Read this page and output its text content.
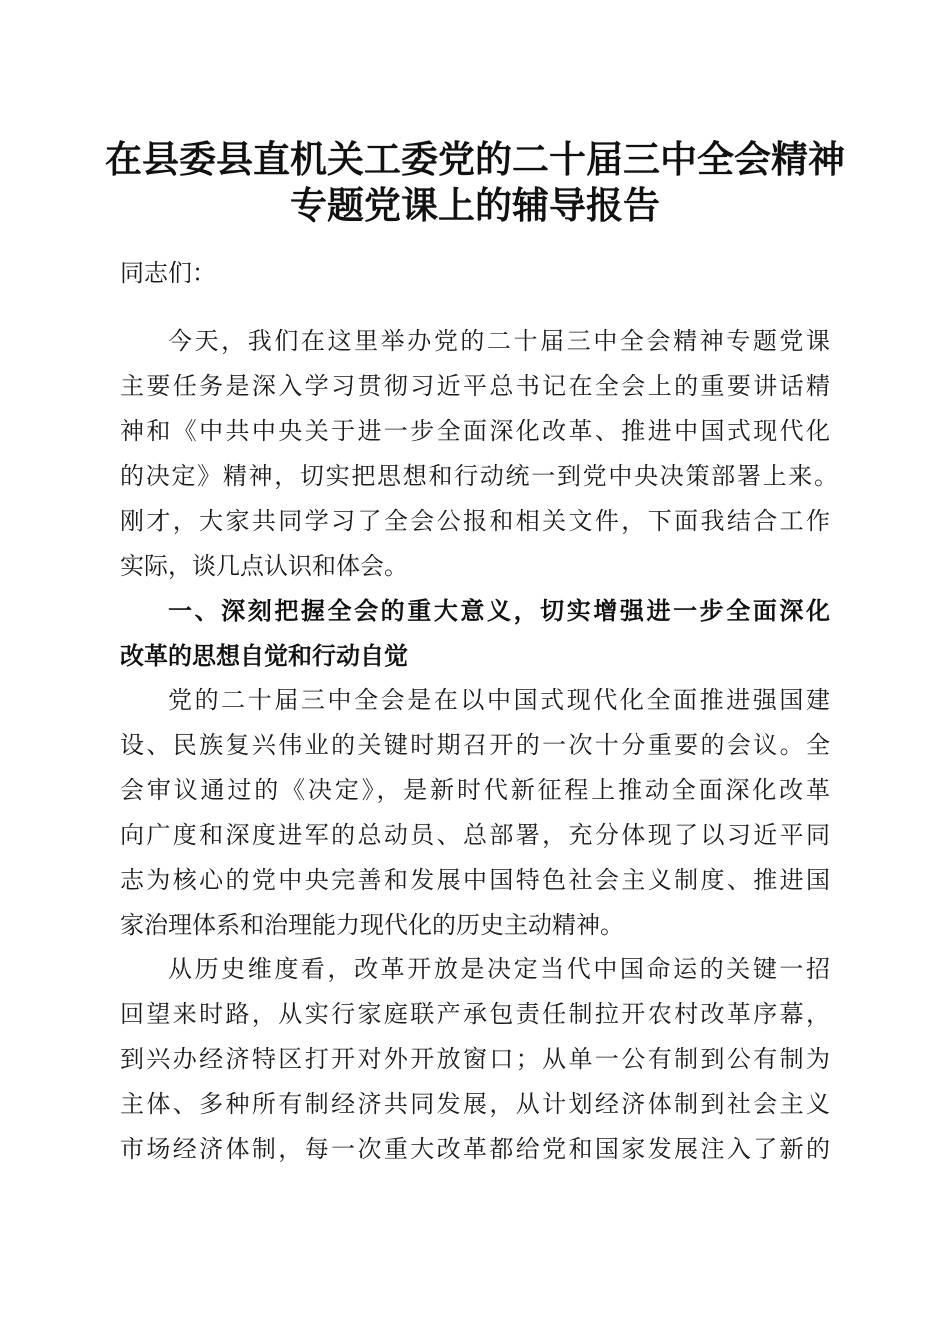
在县委县直机关工委党的二十届三中全会精神
专题党课上的辅导报告
同志们：
今天，我们在这里举办党的二十届三中全会精神专题党课
主要任务是深入学习贯彻习近平总书记在全会上的重要讲话精
神和《中共中央关于进一步全面深化改革、推进中国式现代化
的决定》精神，切实把思想和行动统一到党中央决策部署上来。
刚才，大家共同学习了全会公报和相关文件，下面我结合工作
实际，谈几点认识和体会。
一、深刻把握全会的重大意义，切实增强进一步全面深化
改革的思想自觉和行动自觉
党的二十届三中全会是在以中国式现代化全面推进强国建
设、民族复兴伟业的关键时期召开的一次十分重要的会议。全
会审议通过的《决定》，是新时代新征程上推动全面深化改革
向广度和深度进军的总动员、总部署，充分体现了以习近平同
志为核心的党中央完善和发展中国特色社会主义制度、推进国
家治理体系和治理能力现代化的历史主动精神。
从历史维度看，改革开放是决定当代中国命运的关键一招
回望来时路，从实行家庭联产承包责任制拉开农村改革序幕，
到兴办经济特区打开对外开放窗口；从单一公有制到公有制为
主体、多种所有制经济共同发展，从计划经济体制到社会主义
市场经济体制，每一次重大改革都给党和国家发展注入了新的
